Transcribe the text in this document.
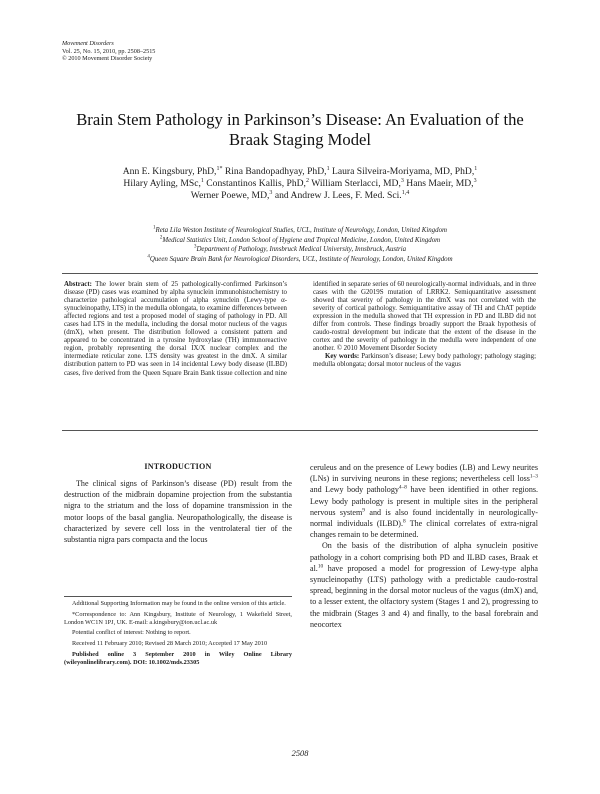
Movement Disorders
Vol. 25, No. 15, 2010, pp. 2508–2515
© 2010 Movement Disorder Society
Brain Stem Pathology in Parkinson’s Disease: An Evaluation of the Braak Staging Model
Ann E. Kingsbury, PhD,$^{1*}$ Rina Bandopadhyay, PhD,$^1$ Laura Silveira-Moriyama, MD, PhD,$^1$
Hilary Ayling, MSc,$^1$ Constantinos Kallis, PhD,$^2$ William Sterlacci, MD,$^3$ Hans Maeir, MD,$^3$
Werner Poewe, MD,$^3$ and Andrew J. Lees, F. Med. Sci.$^{1,4}$
$^1$Reta Lila Weston Institute of Neurological Studies, UCL, Institute of Neurology, London, United Kingdom
$^2$Medical Statistics Unit, London School of Hygiene and Tropical Medicine, London, United Kingdom
$^3$Department of Pathology, Innsbruck Medical University, Innsbruck, Austria
$^4$Queen Square Brain Bank for Neurological Disorders, UCL, Institute of Neurology, London, United Kingdom

Abstract: The lower brain stem of 25 pathologically-confirmed Parkinson’s disease (PD) cases was examined by alpha synuclein immunohistochemistry to characterize pathological accumulation of alpha synuclein (Lewy-type α-synucleinopathy, LTS) in the medulla oblongata, to examine differences between affected regions and test a proposed model of staging of pathology in PD. All cases had LTS in the medulla, including the dorsal motor nucleus of the vagus (dmX), when present. The distribution followed a consistent pattern and appeared to be concentrated in a tyrosine hydroxylase (TH) immunoreactive region, probably representing the dorsal IX/X nuclear complex and the intermediate reticular zone. LTS density was greatest in the dmX. A similar distribution pattern to PD was seen in 14 incidental Lewy body disease (ILBD) cases, five derived from the Queen Square Brain Bank tissue collection and nine identified in separate series of 60 neurologically-normal individuals, and in three cases with the G2019S mutation of LRRK2. Semiquantitative assessment showed that severity of pathology in the dmX was not correlated with the severity of cortical pathology. Semiquantitative assay of TH and ChAT peptide expression in the medulla showed that TH expression in PD and ILBD did not differ from controls. These findings broadly support the Braak hypothesis of caudo-rostral development but indicate that the extent of the disease in the cortex and the severity of pathology in the medulla were independent of one another. © 2010 Movement Disorder Society

Key words: Parkinson’s disease; Lewy body pathology; pathology staging; medulla oblongata; dorsal motor nucleus of the vagus

INTRODUCTION

The clinical signs of Parkinson’s disease (PD) result from the destruction of the midbrain dopamine projection from the substantia nigra to the striatum and the loss of dopamine transmission in the motor loops of the basal ganglia. Neuropathologically, the disease is characterized by severe cell loss in the ventrolateral tier of the substantia nigra pars compacta and the locus

Additional Supporting Information may be found in the online version of this article.

*Correspondence to: Ann Kingsbury, Institute of Neurology, 1 Wakefield Street, London WC1N 1PJ, UK. E-mail: a.kingsbury@ion.ucl.ac.uk

Potential conflict of interest: Nothing to report.

Received 11 February 2010; Revised 28 March 2010; Accepted 17 May 2010

Published online 3 September 2010 in Wiley Online Library (wileyonlinelibrary.com). DOI: 10.1002/mds.23305

ceruleus and on the presence of Lewy bodies (LB) and Lewy neurites (LNs) in surviving neurons in these regions; nevertheless cell loss$^{1-3}$ and Lewy body pathology$^{4-8}$ have been identified in other regions. Lewy body pathology is present in multiple sites in the peripheral nervous system$^9$ and is also found incidentally in neurologically-normal individuals (ILBD).$^8$ The clinical correlates of extra-nigral changes remain to be determined.

On the basis of the distribution of alpha synuclein positive pathology in a cohort comprising both PD and ILBD cases, Braak et al.$^{10}$ have proposed a model for progression of Lewy-type alpha synucleinopathy (LTS) pathology with a predictable caudo-rostral spread, beginning in the dorsal motor nucleus of the vagus (dmX) and, to a lesser extent, the olfactory system (Stages 1 and 2), progressing to the midbrain (Stages 3 and 4) and finally, to the basal forebrain and neocortex

2508
